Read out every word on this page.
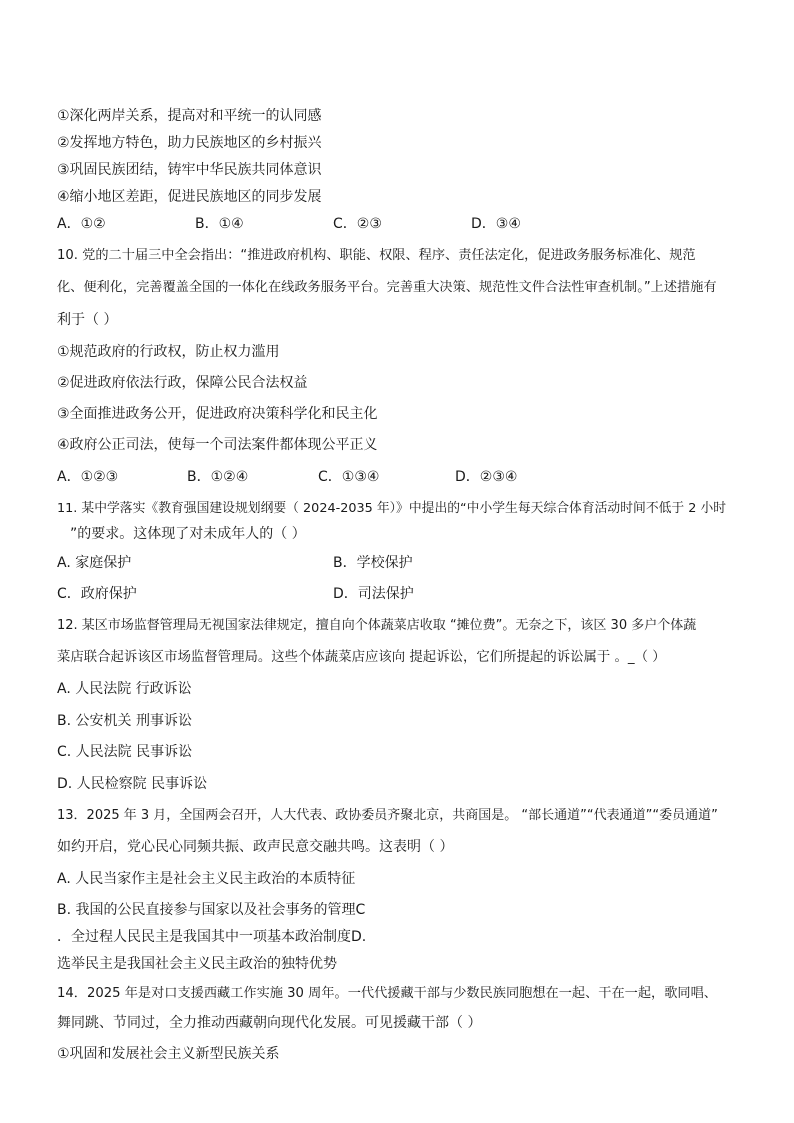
①深化两岸关系，提高对和平统一的认同感
②发挥地方特色，助力民族地区的乡村振兴
③巩固民族团结，铸牢中华民族共同体意识
④缩小地区差距，促进民族地区的同步发展
A．①②	B．①④	C．②③	D．③④
10. 党的二十届三中全会指出：“推进政府机构、职能、权限、程序、责任法定化，促进政务服务标准化、规范
化、便利化，完善覆盖全国的一体化在线政务服务平台。完善重大决策、规范性文件合法性审查机制。”上述措施有
利于（ ）
①规范政府的行政权，防止权力滥用
②促进政府依法行政，保障公民合法权益
③全面推进政务公开，促进政府决策科学化和民主化
④政府公正司法，使每一个司法案件都体现公平正义
A．①②③	B．①②④	C．①③④	D．②③④
11. 某中学落实《教育强国建设规划纲要（ 2024-2035 年）》中提出的“中小学生每天综合体育活动时间不低于 2 小时
”的要求。这体现了对未成年人的（ ）
A. 家庭保护	B．学校保护
C．政府保护	D．司法保护
12. 某区市场监督管理局无视国家法律规定，擅自向个体蔬菜店收取 “摊位费”。无奈之下，该区 30 多户个体蔬
菜店联合起诉该区市场监督管理局。这些个体蔬菜店应该向 提起诉讼，它们所提起的诉讼属于 。_（ ）
A. 人民法院 行政诉讼
B. 公安机关 刑事诉讼
C. 人民法院 民事诉讼
D. 人民检察院 民事诉讼
13．2025 年 3 月，全国两会召开，人大代表、政协委员齐聚北京，共商国是。 “部长通道”“代表通道”“委员通道”
如约开启，党心民心同频共振、政声民意交融共鸣。这表明（ ）
A. 人民当家作主是社会主义民主政治的本质特征
B. 我国的公民直接参与国家以及社会事务的管理C
．全过程人民民主是我国其中一项基本政治制度D.
选举民主是我国社会主义民主政治的独特优势
14．2025 年是对口支援西藏工作实施 30 周年。一代代援藏干部与少数民族同胞想在一起、干在一起，歌同唱、
舞同跳、节同过，全力推动西藏朝向现代化发展。可见援藏干部（ ）
①巩固和发展社会主义新型民族关系
